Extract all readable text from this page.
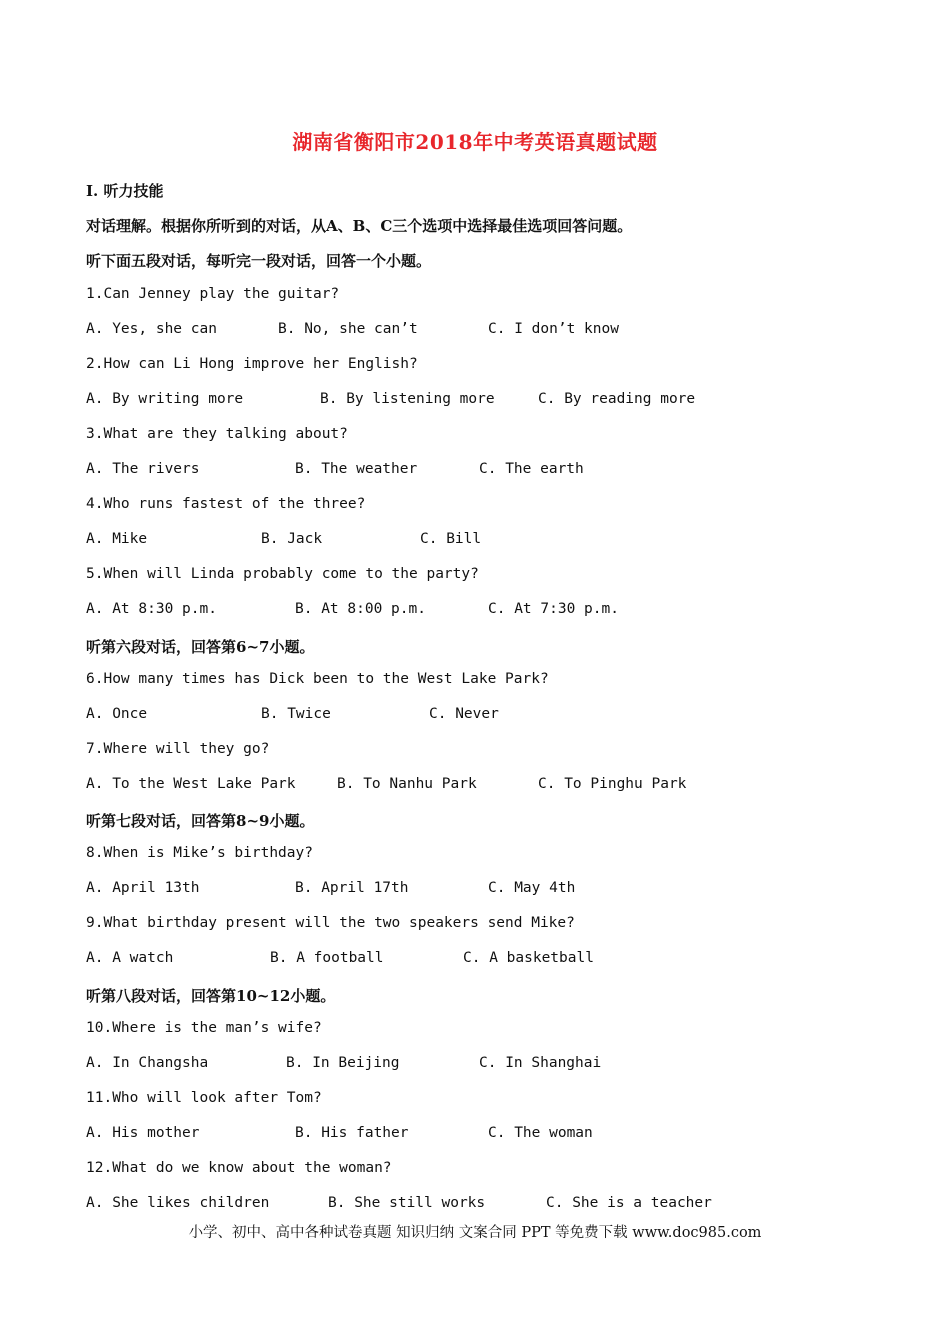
湖南省衡阳市2018年中考英语真题试题
Ⅰ. 听力技能
对话理解。根据你所听到的对话，从A、B、C三个选项中选择最佳选项回答问题。
听下面五段对话，每听完一段对话，回答一个小题。
1.Can Jenney play the guitar?

A. Yes, she can

	B. No, she can’t

	C. I don’t know

2.How can Li Hong improve her English?

A. By writing more

	B. By listening more

	C. By reading more

3.What are they talking about?

A. The rivers

	B. The weather

	C. The earth

4.Who runs fastest of the three?

A. Mike

	B. Jack

	C. Bill

5.When will Linda probably come to the party?

A. At 8:30 p.m.

	B. At 8:00 p.m.

	C. At 7:30 p.m.

听第六段对话，回答第6~7小题。
6.How many times has Dick been to the West Lake Park?

A. Once

	B. Twice

	C. Never

7.Where will they go?

A. To the West Lake Park

	B. To Nanhu Park

	C. To Pinghu Park

听第七段对话，回答第8~9小题。
8.When is Mike’s birthday?

A. April 13th

	B. April 17th

	C. May 4th

9.What birthday present will the two speakers send Mike?

A. A watch

	B. A football

	C. A basketball

听第八段对话，回答第10~12小题。
10.Where is the man’s wife?

A. In Changsha

	B. In Beijing

	C. In Shanghai

11.Who will look after Tom?

A. His mother

	B. His father

	C. The woman

12.What do we know about the woman?

A. She likes children

	B. She still works

	C. She is a teacher

小学、初中、高中各种试卷真题 知识归纳 文案合同 PPT 等免费下载 www.doc985.com
